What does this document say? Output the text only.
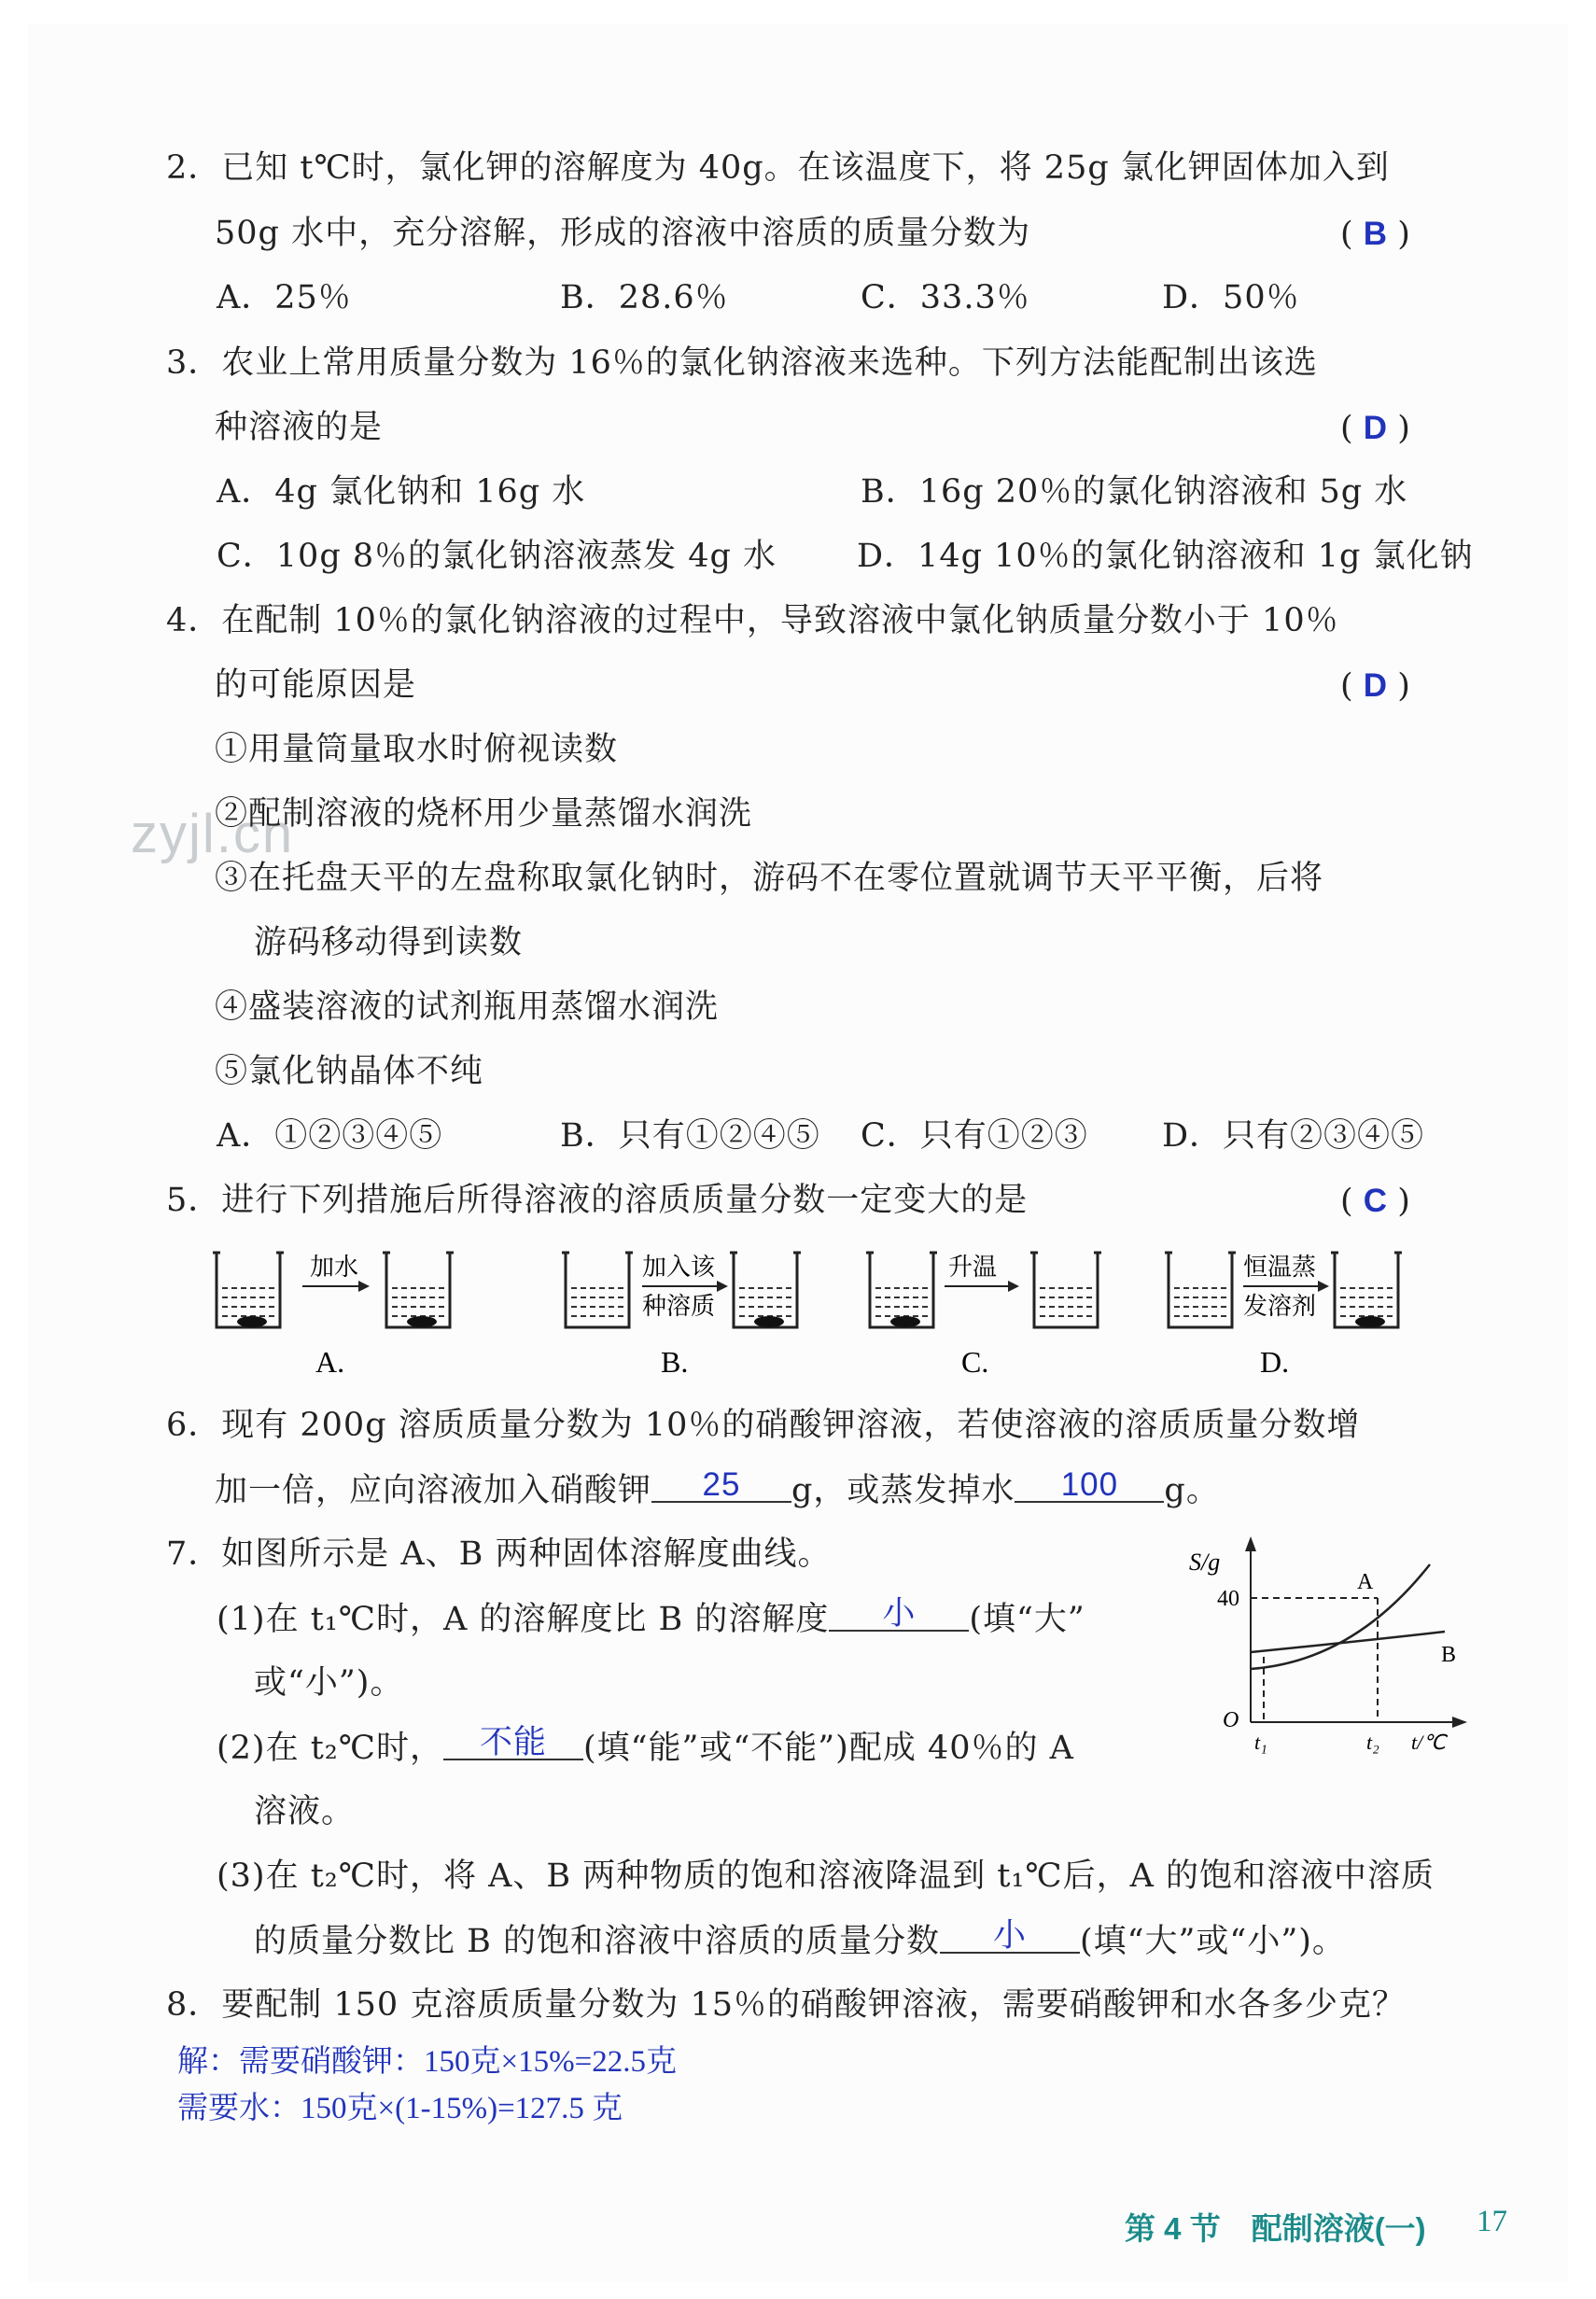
zyjl.cn
2．已知 t℃时，氯化钾的溶解度为 40g。在该温度下，将 25g 氯化钾固体加入到
50g 水中，充分溶解，形成的溶液中溶质的质量分数为	( B )
A．25％	B．28.6％	C．33.3％	D．50％
3．农业上常用质量分数为 16％的氯化钠溶液来选种。下列方法能配制出该选
种溶液的是	( D )
A．4g 氯化钠和 16g 水	B．16g 20％的氯化钠溶液和 5g 水
C．10g 8％的氯化钠溶液蒸发 4g 水 D．14g 10％的氯化钠溶液和 1g 氯化钠
4．在配制 10％的氯化钠溶液的过程中，导致溶液中氯化钠质量分数小于 10％
的可能原因是	( D )
①用量筒量取水时俯视读数
②配制溶液的烧杯用少量蒸馏水润洗
③在托盘天平的左盘称取氯化钠时，游码不在零位置就调节天平平衡，后将
游码移动得到读数
④盛装溶液的试剂瓶用蒸馏水润洗
⑤氯化钠晶体不纯
A．①②③④⑤	B．只有①②④⑤ C．只有①②③ D．只有②③④⑤
5．进行下列措施后所得溶液的溶质质量分数一定变大的是	( C )
加水
A.
加入该
种溶质
B.
升温
C.
恒温蒸
发溶剂
D.
6．现有 200g 溶质质量分数为 10％的硝酸钾溶液，若使溶液的溶质质量分数增
加一倍，应向溶液加入硝酸钾 25 g，或蒸发掉水 100 g。
7．如图所示是 A、B 两种固体溶解度曲线。
(1)在 t₁℃时，A 的溶解度比 B 的溶解度 小 (填“大”
或“小”)。
(2)在 t₂℃时， 不能 (填“能”或“不能”)配成 40％的 A
溶液。
(3)在 t₂℃时，将 A、B 两种物质的饱和溶液降温到 t₁℃后，A 的饱和溶液中溶质
的质量分数比 B 的饱和溶液中溶质的质量分数 小 (填“大”或“小”)。
S/g
40
O
t₁	t₂ t/℃
A
B
8．要配制 150 克溶质质量分数为 15％的硝酸钾溶液，需要硝酸钾和水各多少克？
解：需要硝酸钾：150克×15%=22.5克
需要水：150克×(1-15%)=127.5 克
第 4 节　配制溶液(一) 17
